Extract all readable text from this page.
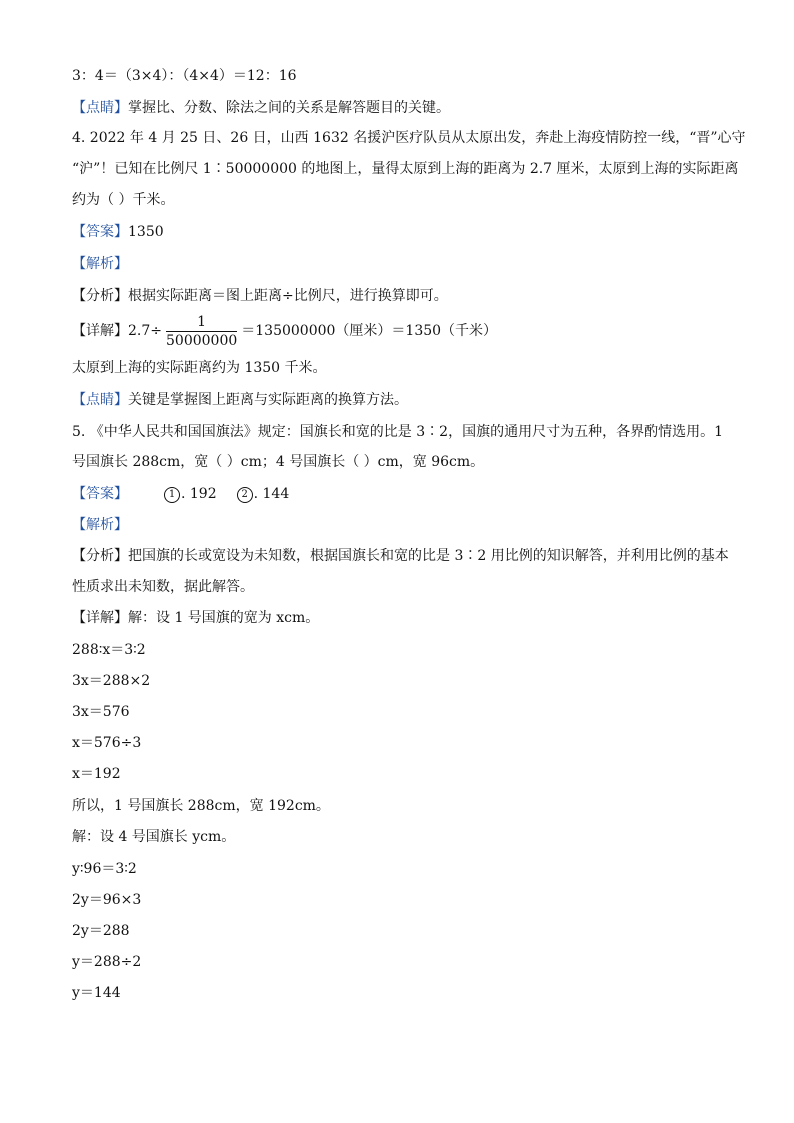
3：4＝（3×4）：（4×4）＝12：16
【点睛】掌握比、分数、除法之间的关系是解答题目的关键。
4. 2022 年 4 月 25 日、26 日，山西 1632 名援沪医疗队员从太原出发，奔赴上海疫情防控一线，“晋”心守
“沪”！已知在比例尺 1∶50000000 的地图上，量得太原到上海的距离为 2.7 厘米，太原到上海的实际距离
约为（ ）千米。
【答案】1350
【解析】
【分析】根据实际距离＝图上距离÷比例尺，进行换算即可。
【详解】$2.7\div \frac{1}{50000000} =135000000$（厘米）＝1350（千米）
太原到上海的实际距离约为 1350 千米。
【点睛】关键是掌握图上距离与实际距离的换算方法。
5. 《中华人民共和国国旗法》规定：国旗长和宽的比是 3∶2，国旗的通用尺寸为五种，各界酌情选用。1
号国旗长 288cm，宽（ ）cm；4 号国旗长（ ）cm，宽 96cm。
【答案】	1 . 192 2 . 144
【解析】
【分析】把国旗的长或宽设为未知数，根据国旗长和宽的比是 3∶2 用比例的知识解答，并利用比例的基本
性质求出未知数，据此解答。
【详解】解：设 1 号国旗的宽为 xcm。
288∶x＝3∶2
3x＝288×2
3x＝576
x＝576÷3
x＝192
所以，1 号国旗长 288cm，宽 192cm。
解：设 4 号国旗长 ycm。
y∶96＝3∶2
2y＝96×3
2y＝288
y＝288÷2
y＝144
